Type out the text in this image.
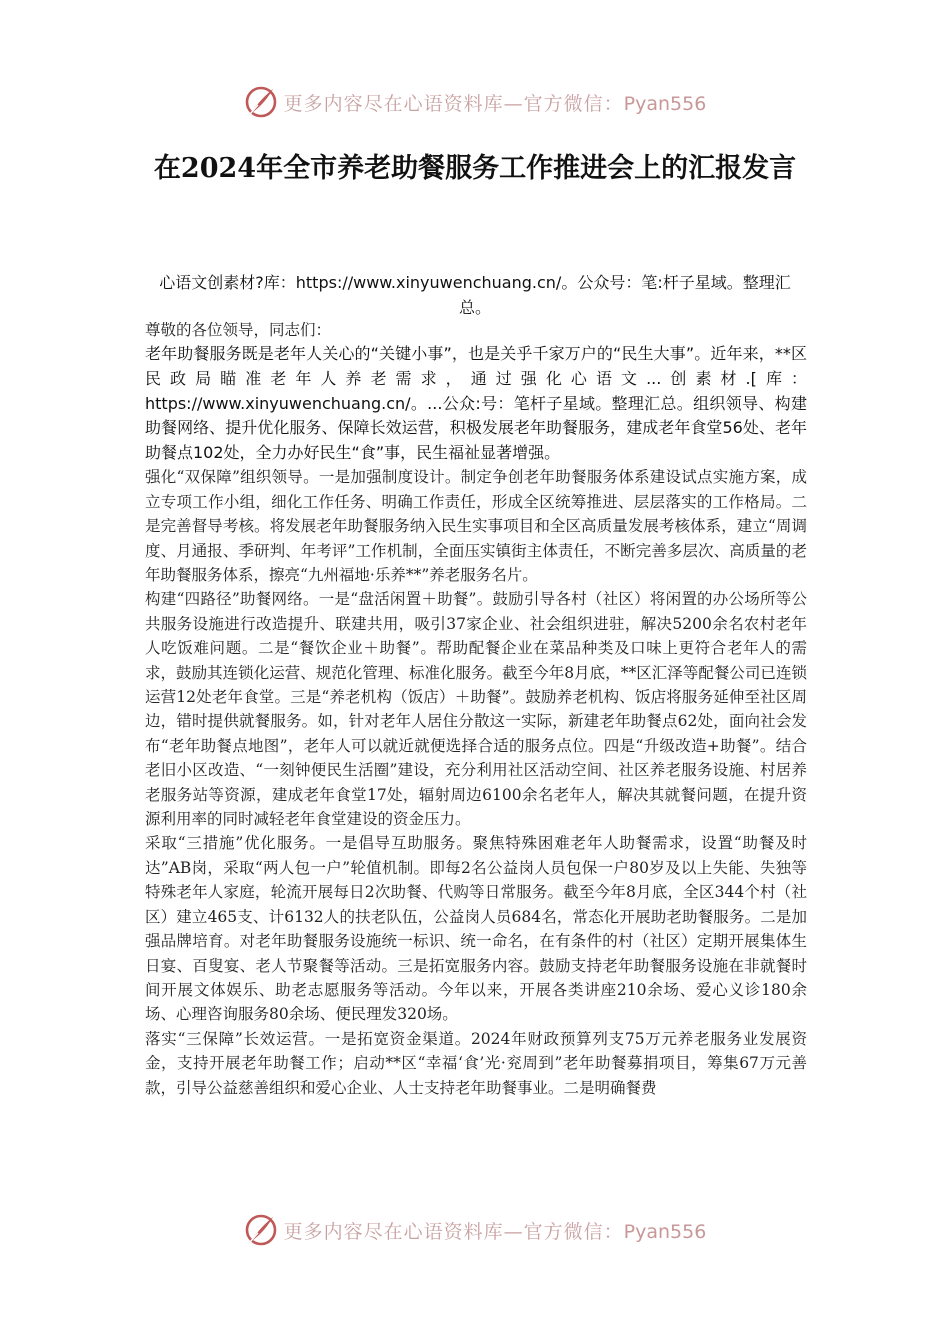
更多内容尽在心语资料库—官方微信：Pyan556
在2024年全市养老助餐服务工作推进会上的汇报发言
心语文创素材?库：https://www.xinyuwenchuang.cn/。公众号：笔:杆子星域。整理汇总。

尊敬的各位领导，同志们：

老年助餐服务既是老年人关心的“关键小事”，也是关乎千家万户的“民生大事”。近年来，**区民政局瞄准老年人养老需求，通过强化心语文...创素材.[库：https://www.xinyuwenchuang.cn/。...公众:号：笔杆子星域。整理汇总。组织领导、构建助餐网络、提升优化服务、保障长效运营，积极发展老年助餐服务，建成老年食堂56处、老年助餐点102处，全力办好民生“食”事，民生福祉显著增强。

强化“双保障”组织领导。一是加强制度设计。制定争创老年助餐服务体系建设试点实施方案，成立专项工作小组，细化工作任务、明确工作责任，形成全区统筹推进、层层落实的工作格局。二是完善督导考核。将发展老年助餐服务纳入民生实事项目和全区高质量发展考核体系，建立“周调度、月通报、季研判、年考评”工作机制，全面压实镇街主体责任，不断完善多层次、高质量的老年助餐服务体系，擦亮“九州福地·乐养**”养老服务名片。

构建“四路径”助餐网络。一是“盘活闲置＋助餐”。鼓励引导各村（社区）将闲置的办公场所等公共服务设施进行改造提升、联建共用，吸引37家企业、社会组织进驻，解决5200余名农村老年人吃饭难问题。二是“餐饮企业＋助餐”。帮助配餐企业在菜品种类及口味上更符合老年人的需求，鼓励其连锁化运营、规范化管理、标准化服务。截至今年8月底，**区汇泽等配餐公司已连锁运营12处老年食堂。三是“养老机构（饭店）＋助餐”。鼓励养老机构、饭店将服务延伸至社区周边，错时提供就餐服务。如，针对老年人居住分散这一实际，新建老年助餐点62处，面向社会发布“老年助餐点地图”，老年人可以就近就便选择合适的服务点位。四是“升级改造+助餐”。结合老旧小区改造、“一刻钟便民生活圈”建设，充分利用社区活动空间、社区养老服务设施、村居养老服务站等资源，建成老年食堂17处，辐射周边6100余名老年人，解决其就餐问题，在提升资源利用率的同时减轻老年食堂建设的资金压力。

采取“三措施”优化服务。一是倡导互助服务。聚焦特殊困难老年人助餐需求，设置“助餐及时达”AB岗，采取“两人包一户”轮值机制。即每2名公益岗人员包保一户80岁及以上失能、失独等特殊老年人家庭，轮流开展每日2次助餐、代购等日常服务。截至今年8月底，全区344个村（社区）建立465支、计6132人的扶老队伍，公益岗人员684名，常态化开展助老助餐服务。二是加强品牌培育。对老年助餐服务设施统一标识、统一命名，在有条件的村（社区）定期开展集体生日宴、百叟宴、老人节聚餐等活动。三是拓宽服务内容。鼓励支持老年助餐服务设施在非就餐时间开展文体娱乐、助老志愿服务等活动。今年以来，开展各类讲座210余场、爱心义诊180余场、心理咨询服务80余场、便民理发320场。

落实“三保障”长效运营。一是拓宽资金渠道。2024年财政预算列支75万元养老服务业发展资金，支持开展老年助餐工作；启动**区“幸福‘食’光·兖周到”老年助餐募捐项目，筹集67万元善款，引导公益慈善组织和爱心企业、人士支持老年助餐事业。二是明确餐费

更多内容尽在心语资料库—官方微信：Pyan556
